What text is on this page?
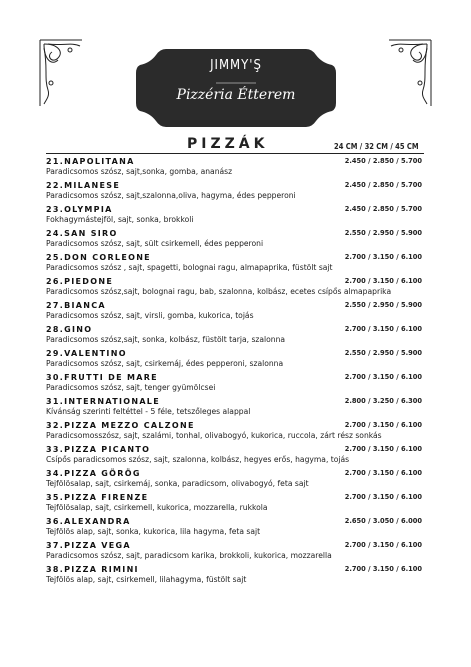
JIMMY'Ş
Pizzéria Étterem
PIZZÁK	24 CM / 32 CM / 45 CM
21.NAPOLITANA
Paradicsomos szósz, sajt,sonka, gomba, ananász
2.450 / 2.850 / 5.700
22.MILANESE
Paradicsomos szósz, sajt,szalonna,oliva, hagyma, édes pepperoni
2.450 / 2.850 / 5.700
23.OLYMPIA
Fokhagymástejföl, sajt, sonka, brokkoli
2.450 / 2.850 / 5.700
24.SAN SIRO
Paradicsomos szósz, sajt, sült csirkemell, édes pepperoni
2.550 / 2.950 / 5.900
25.DON CORLEONE
Paradicsomos szósz , sajt, spagetti, bolognai ragu, almapaprika, füstölt sajt
2.700 / 3.150 / 6.100
26.PIEDONE
Paradicsomos szósz,sajt, bolognai ragu, bab, szalonna, kolbász, ecetes csípős almapaprika
2.700 / 3.150 / 6.100
27.BIANCA
Paradicsomos szósz, sajt, virsli, gomba, kukorica, tojás
2.550 / 2.950 / 5.900
28.GINO
Paradicsomos szósz,sajt, sonka, kolbász, füstölt tarja, szalonna
2.700 / 3.150 / 6.100
29.VALENTINO
Paradicsomos szósz, sajt, csirkemáj, édes pepperoni, szalonna
2.550 / 2.950 / 5.900
30.FRUTTI DE MARE
Paradicsomos szósz, sajt, tenger gyümölcsei
2.700 / 3.150 / 6.100
31.INTERNATIONALE
Kívánság szerinti feltéttel - 5 féle, tetszőleges alappal
2.800 / 3.250 / 6.300
32.PIZZA MEZZO CALZONE
Paradicsomosszósz, sajt, szalámi, tonhal, olivabogyó, kukorica, ruccola, zárt rész sonkás
2.700 / 3.150 / 6.100
33.PIZZA PICANTO
Csípős paradicsomos szósz, sajt, szalonna, kolbász, hegyes erős, hagyma, tojás
2.700 / 3.150 / 6.100
34.PIZZA GÖRÖG
Tejfölösalap, sajt, csirkemáj, sonka, paradicsom, olivabogyó, feta sajt
2.700 / 3.150 / 6.100
35.PIZZA FIRENZE
Tejfölösalap, sajt, csirkemell, kukorica, mozzarella, rukkola
2.700 / 3.150 / 6.100
36.ALEXANDRA
Tejfölös alap, sajt, sonka, kukorica, lila hagyma, feta sajt
2.650 / 3.050 / 6.000
37.PIZZA VEGA
Paradicsomos szósz, sajt, paradicsom karika, brokkoli, kukorica, mozzarella
2.700 / 3.150 / 6.100
38.PIZZA RIMINI
Tejfölös alap, sajt, csirkemell, lilahagyma, füstölt sajt
2.700 / 3.150 / 6.100
